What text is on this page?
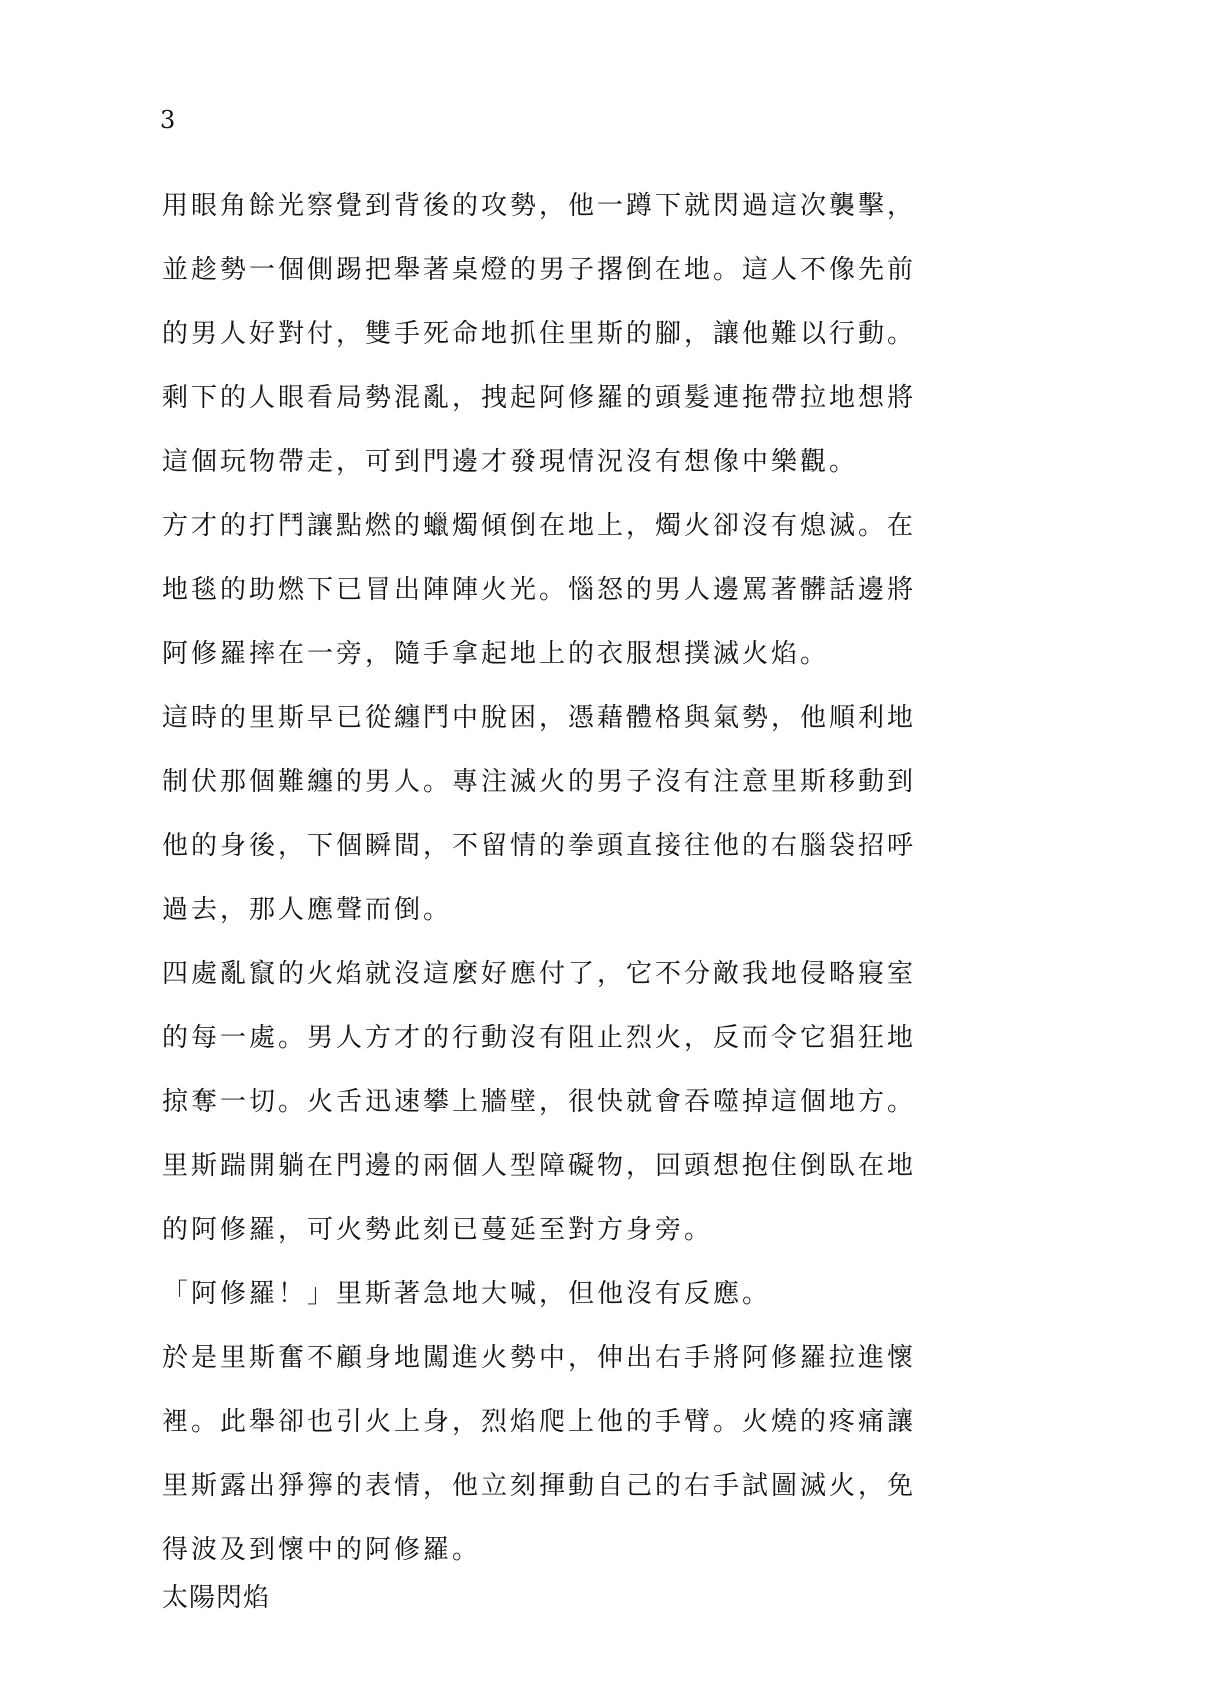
3

用眼角餘光察覺到背後的攻勢，他一蹲下就閃過這次襲擊，

並趁勢一個側踢把舉著桌燈的男子撂倒在地。這人不像先前

的男人好對付，雙手死命地抓住里斯的腳，讓他難以行動。

剩下的人眼看局勢混亂，拽起阿修羅的頭髮連拖帶拉地想將

這個玩物帶走，可到門邊才發現情況沒有想像中樂觀。

方才的打鬥讓點燃的蠟燭傾倒在地上，燭火卻沒有熄滅。在

地毯的助燃下已冒出陣陣火光。惱怒的男人邊罵著髒話邊將

阿修羅摔在一旁，隨手拿起地上的衣服想撲滅火焰。

這時的里斯早已從纏鬥中脫困，憑藉體格與氣勢，他順利地

制伏那個難纏的男人。專注滅火的男子沒有注意里斯移動到

他的身後，下個瞬間，不留情的拳頭直接往他的右腦袋招呼

過去，那人應聲而倒。

四處亂竄的火焰就沒這麼好應付了，它不分敵我地侵略寢室

的每一處。男人方才的行動沒有阻止烈火，反而令它猖狂地

掠奪一切。火舌迅速攀上牆壁，很快就會吞噬掉這個地方。

里斯踹開躺在門邊的兩個人型障礙物，回頭想抱住倒臥在地

的阿修羅，可火勢此刻已蔓延至對方身旁。

「阿修羅！」里斯著急地大喊，但他沒有反應。

於是里斯奮不顧身地闖進火勢中，伸出右手將阿修羅拉進懷

裡。此舉卻也引火上身，烈焰爬上他的手臂。火燒的疼痛讓

里斯露出猙獰的表情，他立刻揮動自己的右手試圖滅火，免

得波及到懷中的阿修羅。

太陽閃焰
